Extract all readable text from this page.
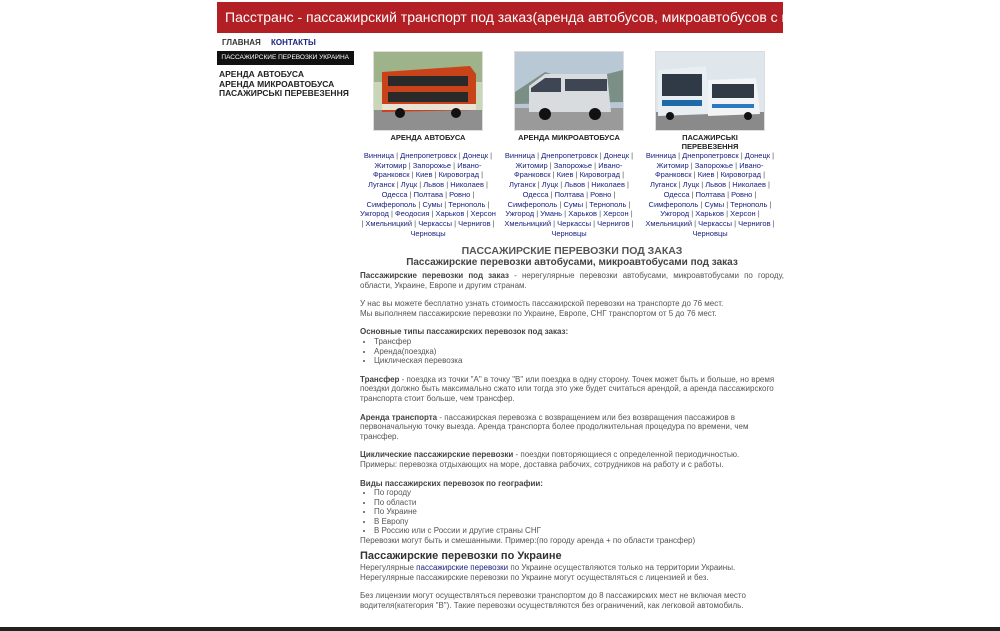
Пасстранс - пассажирский транспорт под заказ(аренда автобусов, микроавтобусов с водителем)
ГЛАВНАЯ КОНТАКТЫ
ПАССАЖИРСКИЕ ПЕРЕВОЗКИ УКРАИНА
АРЕНДА АВТОБУСА
АРЕНДА МИКРОАВТОБУСА
ПАСАЖИРСЬКІ ПЕРЕВЕЗЕННЯ
АРЕНДА АВТОБУСА	АРЕНДА МИКРОАВТОБУСА	ПАСАЖИРСЬКІ ПЕРЕВЕЗЕННЯ
Винница | Днепропетровск | Донецк | Житомир | Запорожье | Ивано-Франковск | Киев | Кировоград | Луганск | Луцк | Львов | Николаев | Одесса | Полтава | Ровно | Симферополь | Сумы | Тернополь | Ужгород | Феодосия | Харьков | Херсон | Хмельницкий | Черкассы | Чернигов | Черновцы
Винница | Днепропетровск | Донецк | Житомир | Запорожье | Ивано-Франковск | Киев | Кировоград | Луганск | Луцк | Львов | Николаев | Одесса | Полтава | Ровно | Симферополь | Сумы | Тернополь | Ужгород | Умань | Харьков | Херсон | Хмельницкий | Черкассы | Чернигов | Черновцы
Винница | Днепропетровск | Донецк | Житомир | Запорожье | Ивано-Франковск | Киев | Кировоград | Луганск | Луцк | Львов | Николаев | Одесса | Полтава | Ровно | Симферополь | Сумы | Тернополь | Ужгород | Харьков | Херсон | Хмельницкий | Черкассы | Чернигов | Черновцы
ПАССАЖИРСКИЕ ПЕРЕВОЗКИ ПОД ЗАКАЗ
Пассажирские перевозки автобусами, микроавтобусами под заказ

Пассажирские перевозки под заказ - нерегулярные перевозки автобусами, микроавтобусами по городу, области, Украине, Европе и другим странам.

У нас вы можете бесплатно узнать стоимость пассажирской перевозки на транспорте до 76 мест.
Мы выполняем пассажирские перевозки по Украине, Европе, СНГ транспортом от 5 до 76 мест.

Основные типы пассажирских перевозок под заказ:
• Трансфер
• Аренда(поездка)
• Циклическая перевозка

Трансфер - поездка из точки "А" в точку "В" или поездка в одну сторону. Точек может быть и больше, но время поездки должно быть максимально сжато или тогда это уже будет считаться арендой, а аренда пассажирского транспорта стоит больше, чем трансфер.

Аренда транспорта - пассажирская перевозка с возвращением или без возвращения пассажиров в первоначальную точку выезда. Аренда транспорта более продолжительная процедура по времени, чем трансфер.

Циклические пассажирские перевозки - поездки повторяющиеся с определенной периодичностью.
Примеры: перевозка отдыхающих на море, доставка рабочих, сотрудников на работу и с работы.

Виды пассажирских перевозок по географии:
• По городу
• По области
• По Украине
• В Европу
• В Россию или с России и другие страны СНГ
Перевозки могут быть и смешанными. Пример:(по городу аренда + по области трансфер)
Пассажирские перевозки по Украине

Нерегулярные пассажирские перевозки по Украине осуществляются только на территории Украины.
Нерегулярные пассажирские перевозки по Украине могут осуществляться с лицензией и без.

Без лицензии могут осуществляться перевозки транспортом до 8 пассажирских мест не включая место водителя(категория "В"). Такие перевозки осуществляются без ограничений, как легковой автомобиль.
